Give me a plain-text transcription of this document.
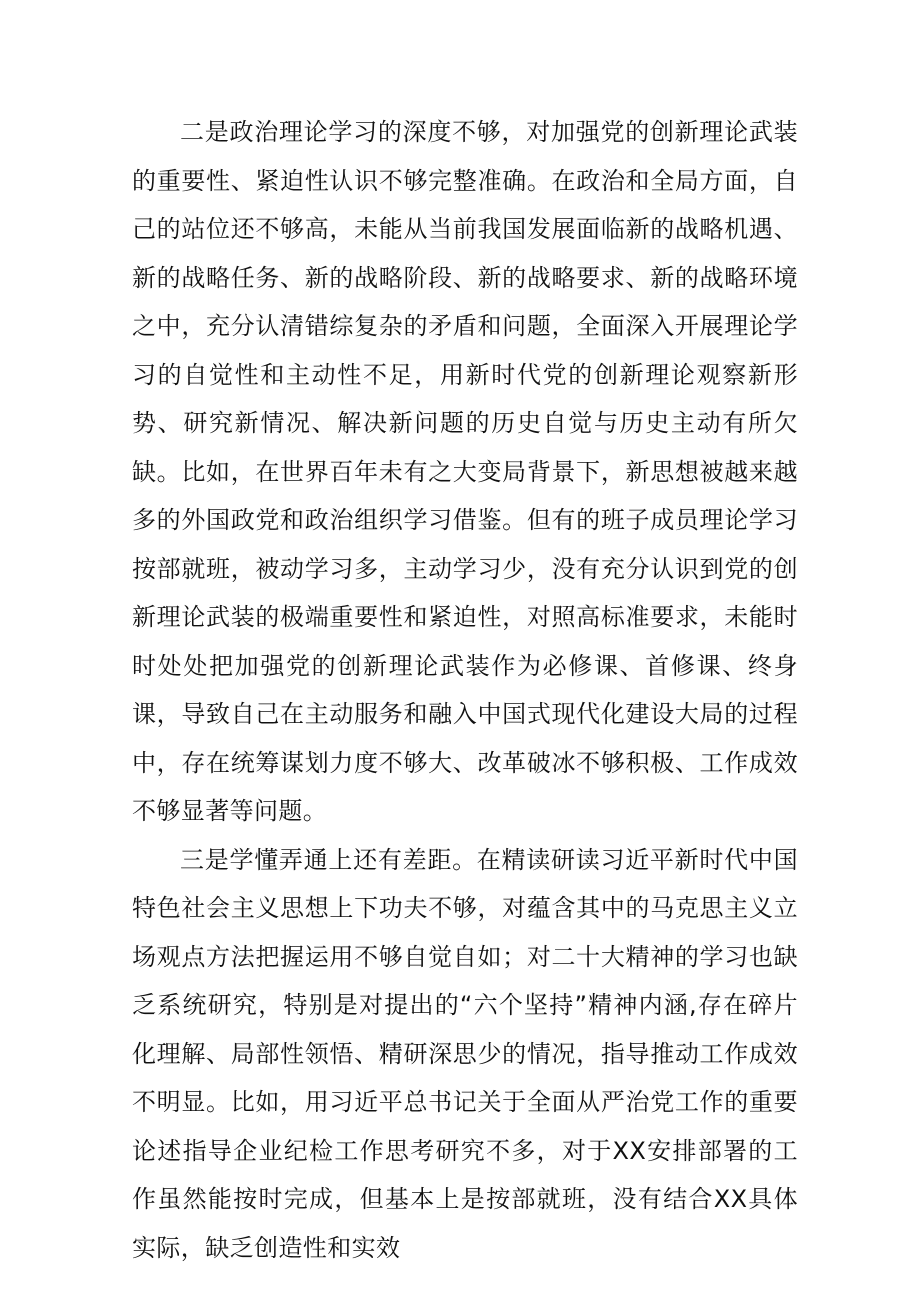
二是政治理论学习的深度不够，对加强党的创新理论武装的重要性、紧迫性认识不够完整准确。在政治和全局方面，自己的站位还不够高，未能从当前我国发展面临新的战略机遇、新的战略任务、新的战略阶段、新的战略要求、新的战略环境之中，充分认清错综复杂的矛盾和问题，全面深入开展理论学习的自觉性和主动性不足，用新时代党的创新理论观察新形势、研究新情况、解决新问题的历史自觉与历史主动有所欠缺。比如，在世界百年未有之大变局背景下，新思想被越来越多的外国政党和政治组织学习借鉴。但有的班子成员理论学习按部就班，被动学习多，主动学习少，没有充分认识到党的创新理论武装的极端重要性和紧迫性，对照高标准要求，未能时时处处把加强党的创新理论武装作为必修课、首修课、终身课，导致自己在主动服务和融入中国式现代化建设大局的过程中，存在统筹谋划力度不够大、改革破冰不够积极、工作成效不够显著等问题。

三是学懂弄通上还有差距。在精读研读习近平新时代中国特色社会主义思想上下功夫不够，对蕴含其中的马克思主义立场观点方法把握运用不够自觉自如；对二十大精神的学习也缺乏系统研究，特别是对提出的“六个坚持”精神内涵,存在碎片化理解、局部性领悟、精研深思少的情况，指导推动工作成效不明显。比如，用习近平总书记关于全面从严治党工作的重要论述指导企业纪检工作思考研究不多，对于XX安排部署的工作虽然能按时完成，但基本上是按部就班，没有结合XX具体实际，缺乏创造性和实效
